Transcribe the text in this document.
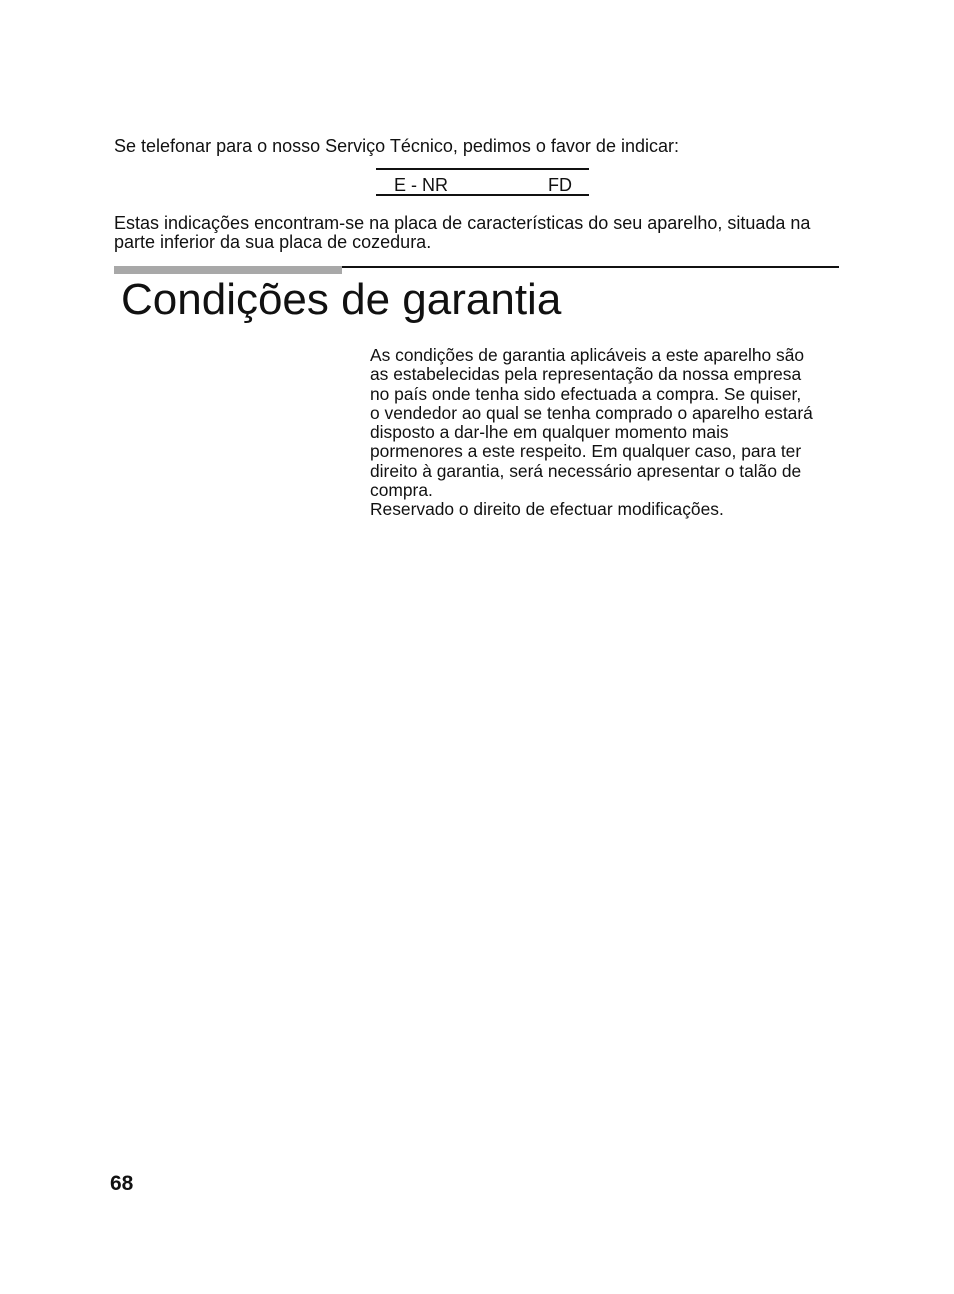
Se telefonar para o nosso Serviço Técnico, pedimos o favor de indicar:

E - NR	FD

Estas indicações encontram-se na placa de características do seu aparelho, situada na parte inferior da sua placa de cozedura.

Condições de garantia

As condições de garantia aplicáveis a este aparelho são
as estabelecidas pela representação da nossa empresa
no país onde tenha sido efectuada a compra. Se quiser,
o vendedor ao qual se tenha comprado o aparelho estará
disposto a dar-lhe em qualquer momento mais
pormenores a este respeito. Em qualquer caso, para ter
direito à garantia, será necessário apresentar o talão de
compra.
Reservado o direito de efectuar modificações.

68
